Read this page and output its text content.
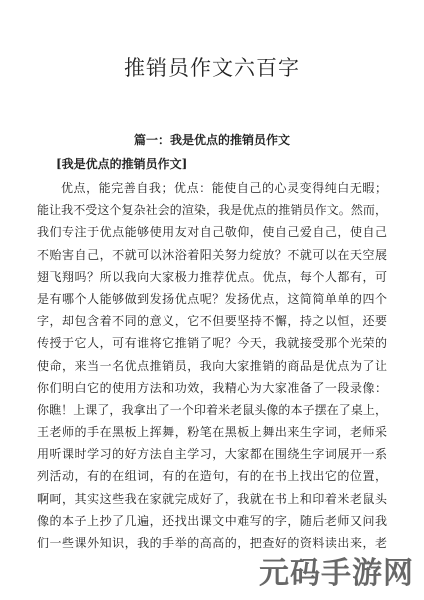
推销员作文六百字
篇一：我是优点的推销员作文
[我是优点的推销员作文]
优点，能完善自我；优点：能使自己的心灵变得纯白无暇；
能让我不受这个复杂社会的渲染，我是优点的推销员作文。然而，
我们专注于优点能够使用友对自己敬仰，使自己爱自己，使自己
不贻害自己，不就可以沐浴着阳关努力绽放？不就可以在天空展
翅飞翔吗？所以我向大家极力推荐优点。优点，每个人都有，可
是有哪个人能够做到发扬优点呢？发扬优点，这简简单单的四个
字，却包含着不同的意义，它不但要坚持不懈，持之以恒，还要
传授于它人，可有谁将它推销了呢？今天，我就接受那个光荣的
使命，来当一名优点推销员，我向大家推销的商品是优点为了让
你们明白它的使用方法和功效，我精心为大家准备了一段录像：
你瞧！上课了，我拿出了一个印着米老鼠头像的本子摆在了桌上，
王老师的手在黑板上挥舞，粉笔在黑板上舞出来生字词，老师采
用听课时学习的好方法自主学习，大家都在围绕生字词展开一系
列活动，有的在组词，有的在造句，有的在书上找出它的位置，
啊呵，其实这些我在家就完成好了，我就在书上和印着米老鼠头
像的本子上抄了几遍，还找出课文中难写的字，随后老师又问我
们一些课外知识，我的手举的高高的，把查好的资料读出来，老
元码手游网
